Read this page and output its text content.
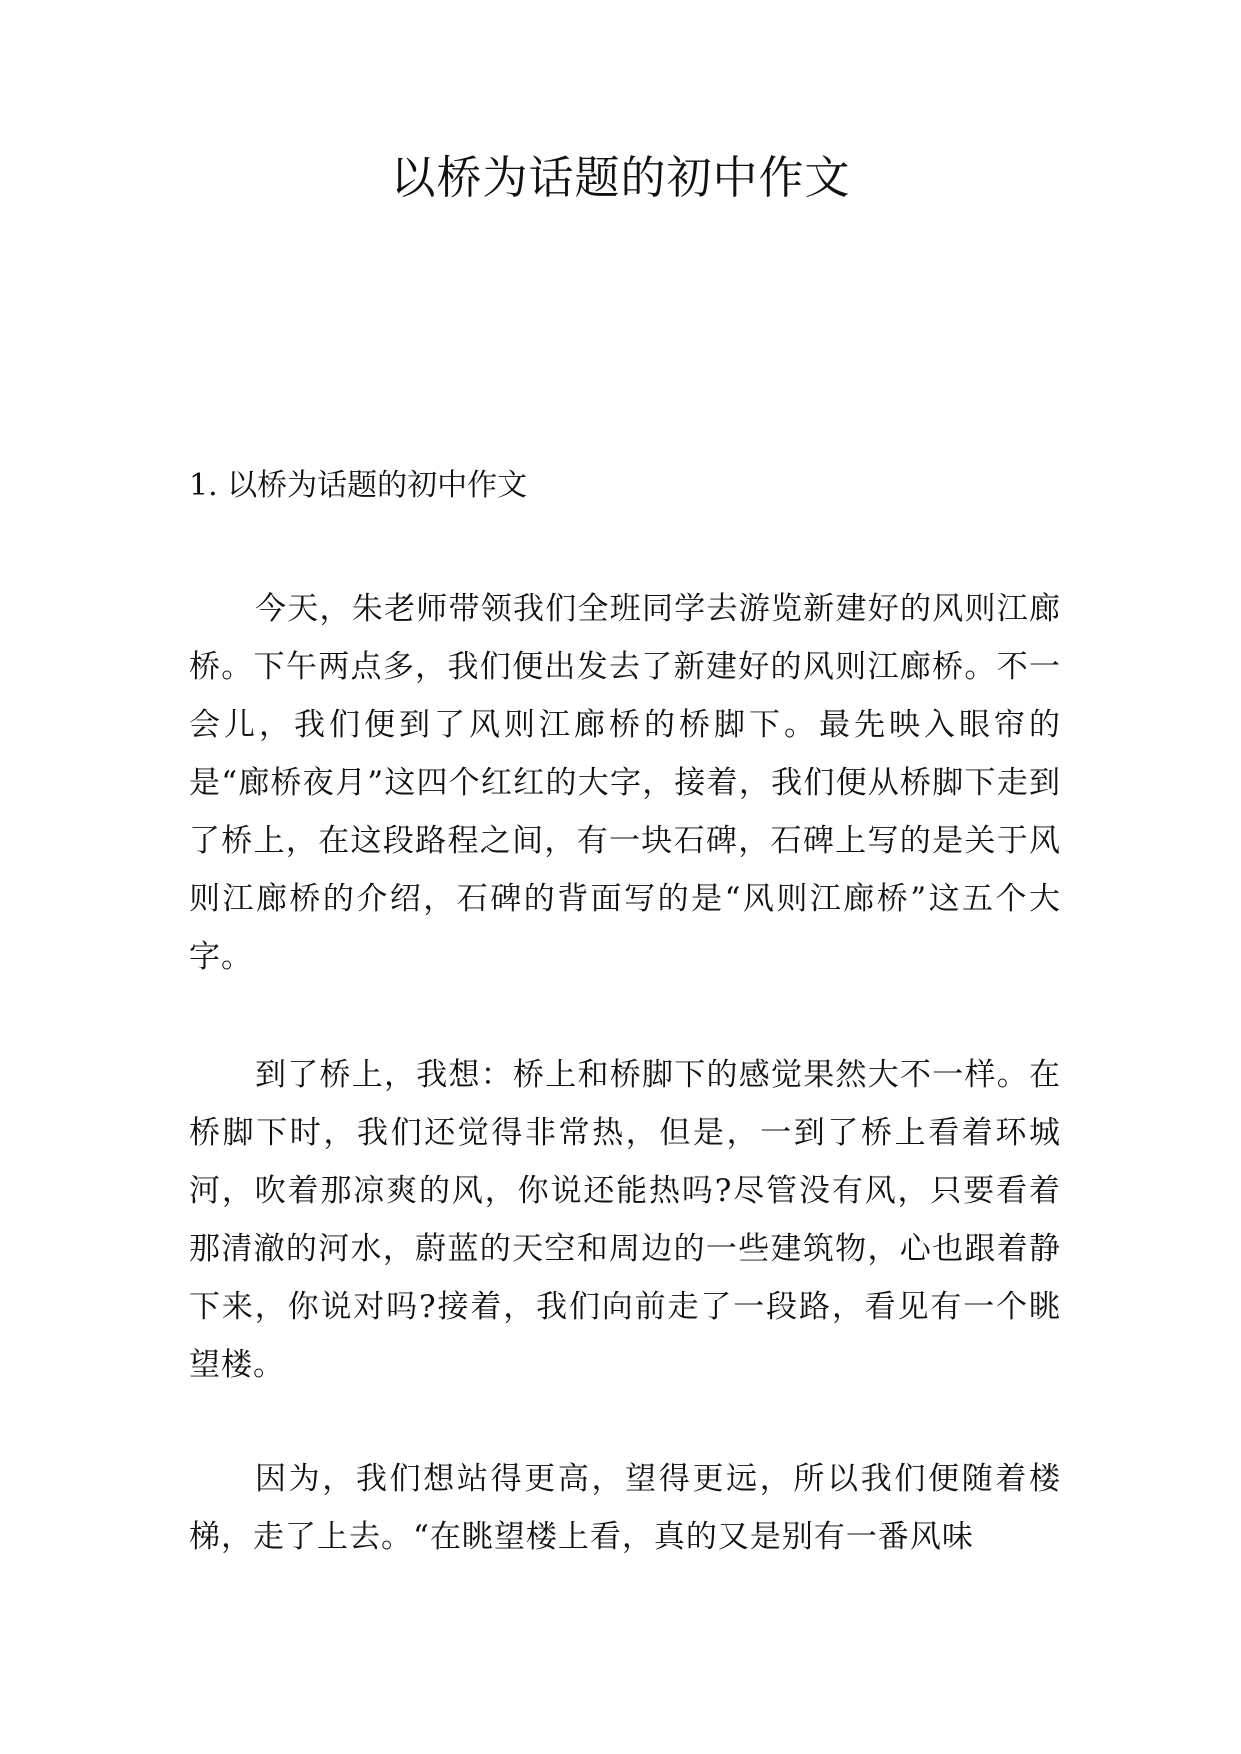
以桥为话题的初中作文
1. 以桥为话题的初中作文

今天，朱老师带领我们全班同学去游览新建好的风则江廊桥。下午两点多，我们便出发去了新建好的风则江廊桥。不一会儿，我们便到了风则江廊桥的桥脚下。最先映入眼帘的是“廊桥夜月”这四个红红的大字，接着，我们便从桥脚下走到了桥上，在这段路程之间，有一块石碑，石碑上写的是关于风则江廊桥的介绍，石碑的背面写的是“风则江廊桥”这五个大字。

到了桥上，我想：桥上和桥脚下的感觉果然大不一样。在桥脚下时，我们还觉得非常热，但是，一到了桥上看着环城河，吹着那凉爽的风，你说还能热吗?尽管没有风，只要看着那清澈的河水，蔚蓝的天空和周边的一些建筑物，心也跟着静下来，你说对吗?接着，我们向前走了一段路，看见有一个眺望楼。

因为，我们想站得更高，望得更远，所以我们便随着楼梯，走了上去。“在眺望楼上看，真的又是别有一番风味
